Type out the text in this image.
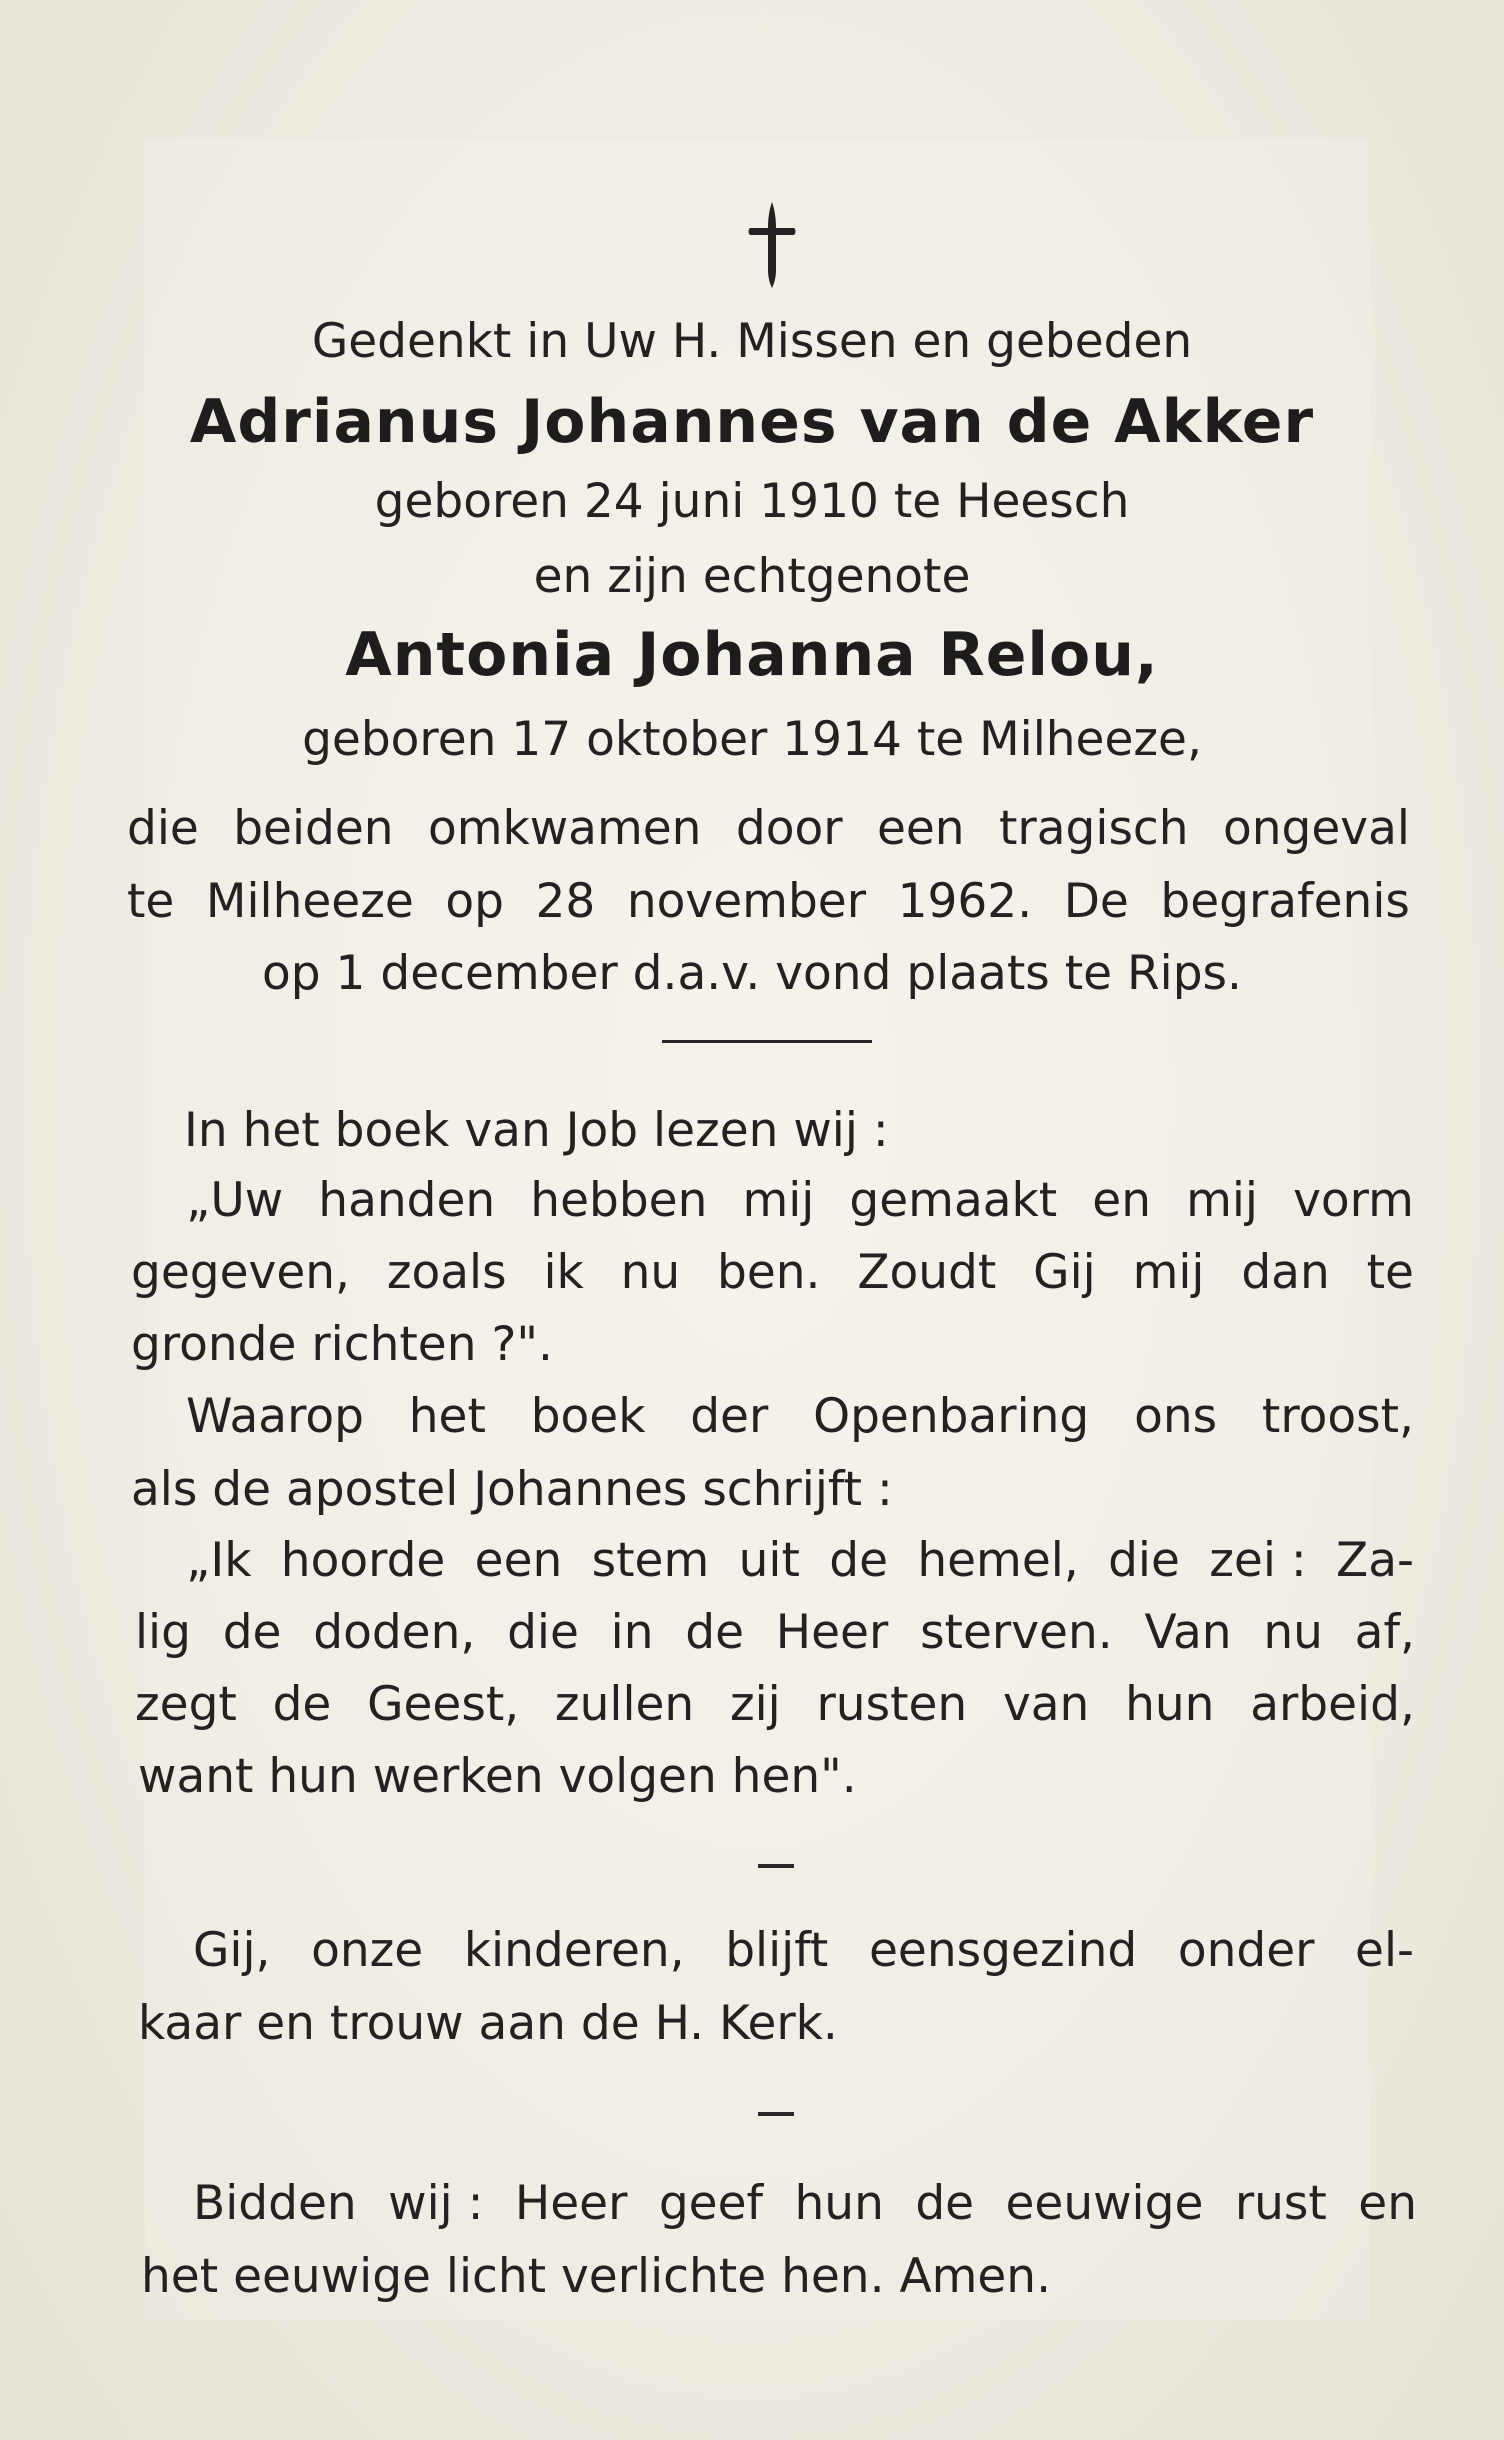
Gedenkt in Uw H. Missen en gebeden
Adrianus Johannes van de Akker
geboren 24 juni 1910 te Heesch
en zijn echtgenote
Antonia Johanna Relou,
geboren 17 oktober 1914 te Milheeze,
die beiden omkwamen door een tragisch ongeval
te Milheeze op 28 november 1962. De begrafenis
op 1 december d.a.v. vond plaats te Rips.
In het boek van Job lezen wij :
„Uw handen hebben mij gemaakt en mij vorm
gegeven, zoals ik nu ben. Zoudt Gij mij dan te
gronde richten ?".
Waarop het boek der Openbaring ons troost,
als de apostel Johannes schrijft :
„Ik hoorde een stem uit de hemel, die zei : Za-
lig de doden, die in de Heer sterven. Van nu af,
zegt de Geest, zullen zij rusten van hun arbeid,
want hun werken volgen hen".
Gij, onze kinderen, blijft eensgezind onder el-
kaar en trouw aan de H. Kerk.
Bidden wij : Heer geef hun de eeuwige rust en
het eeuwige licht verlichte hen. Amen.
